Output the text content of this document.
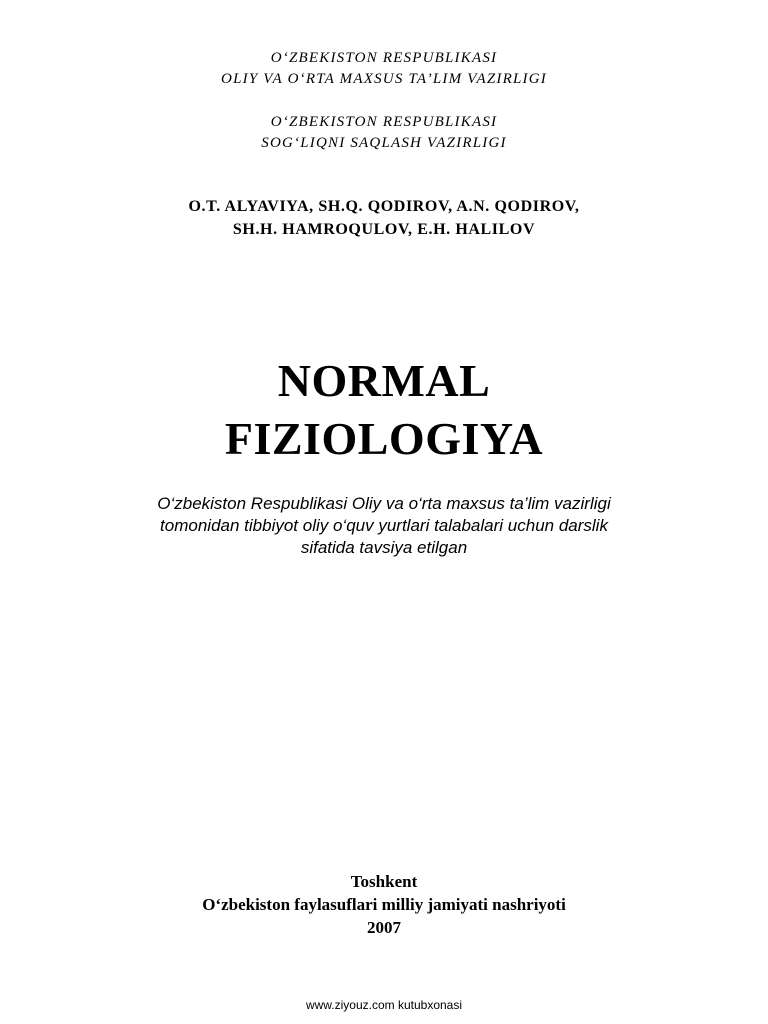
O‘ZBEKISTON RESPUBLIKASI
OLIY VA O‘RTA MAXSUS TA’LIM VAZIRLIGI
O‘ZBEKISTON RESPUBLIKASI
SOG‘LIQNI SAQLASH VAZIRLIGI
O.T. ALYAVIYA, SH.Q. QODIROV, A.N. QODIROV,
SH.H. HAMROQULOV, E.H. HALILOV
NORMAL
FIZIOLOGIYA
O‘zbekiston Respublikasi Oliy va o‘rta maxsus ta’lim vazirligi
tomonidan tibbiyot oliy o‘quv yurtlari talabalari uchun darslik
sifatida tavsiya etilgan
Toshkent
O‘zbekiston faylasuflari milliy jamiyati nashriyoti
2007
www.ziyouz.com kutubxonasi
